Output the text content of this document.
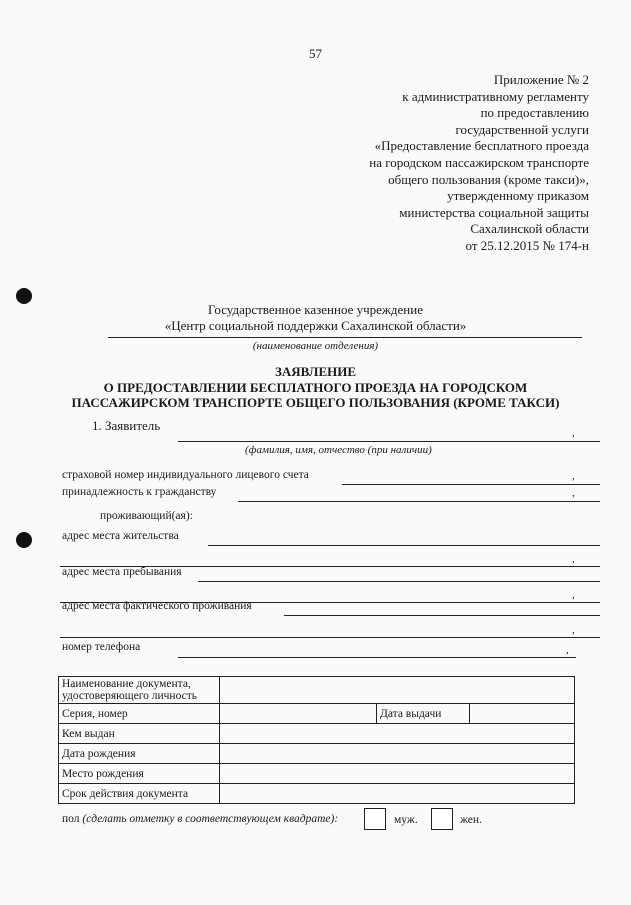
57
Приложение № 2
к административному регламенту
по предоставлению
государственной услуги
«Предоставление бесплатного проезда
на городском пассажирском транспорте
общего пользования (кроме такси)»,
утвержденному приказом
министерства социальной защиты
Сахалинской области
от 25.12.2015 № 174-н
Государственное казенное учреждение
«Центр социальной поддержки Сахалинской области»
(наименование отделения)
ЗАЯВЛЕНИЕ
О ПРЕДОСТАВЛЕНИИ БЕСПЛАТНОГО ПРОЕЗДА НА ГОРОДСКОМ
ПАССАЖИРСКОМ ТРАНСПОРТЕ ОБЩЕГО ПОЛЬЗОВАНИЯ (КРОМЕ ТАКСИ)
1. Заявитель	,
(фамилия, имя, отчество (при наличии)
страховой номер индивидуального лицевого счета	,
принадлежность к гражданству	,
проживающий(ая):
адрес места жительства
,
адрес места пребывания
,
адрес места фактического проживания
,
номер телефона	,
Наименование документа, удостоверяющего личность			
Серия, номер		Дата выдачи	
Кем выдан			
Дата рождения			
Место рождения			
Срок действия документа			
пол (сделать отметку в соответствующем квадрате):	муж.	жен.
